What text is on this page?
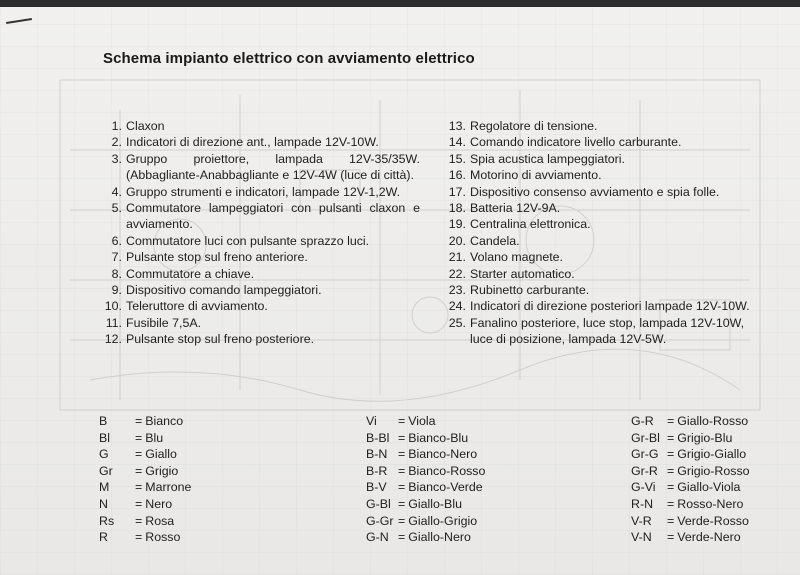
Schema impianto elettrico con avviamento elettrico
1. Claxon
2. Indicatori di direzione ant., lampade 12V-10W.
3. Gruppo proiettore, lampada 12V-35/35W. (Abbagliante-Anabbagliante e 12V-4W (luce di città).
4. Gruppo strumenti e indicatori, lampade 12V-1,2W.
5. Commutatore lampeggiatori con pulsanti claxon e avviamento.
6. Commutatore luci con pulsante sprazzo luci.
7. Pulsante stop sul freno anteriore.
8. Commutatore a chiave.
9. Dispositivo comando lampeggiatori.
10. Teleruttore di avviamento.
11. Fusibile 7,5A.
12. Pulsante stop sul freno posteriore.
13. Regolatore di tensione.
14. Comando indicatore livello carburante.
15. Spia acustica lampeggiatori.
16. Motorino di avviamento.
17. Dispositivo consenso avviamento e spia folle.
18. Batteria 12V-9A.
19. Centralina elettronica.
20. Candela.
21. Volano magnete.
22. Starter automatico.
23. Rubinetto carburante.
24. Indicatori di direzione posteriori lampade 12V-10W.
25. Fanalino posteriore, luce stop, lampada 12V-10W, luce di posizione, lampada 12V-5W.
B	= Bianco
Bl	= Blu
G	= Giallo
Gr	= Grigio
M	= Marrone
N	= Nero
Rs	= Rosa
R	= Rosso
Vi	= Viola
B-Bl = Bianco-Blu
B-N = Bianco-Nero
B-R = Bianco-Rosso
B-V = Bianco-Verde
G-Bl = Giallo-Blu
G-Gr = Giallo-Grigio
G-N = Giallo-Nero
G-R	= Giallo-Rosso
Gr-Bl = Grigio-Blu
Gr-G = Grigio-Giallo
Gr-R = Grigio-Rosso
G-Vi = Giallo-Viola
R-N	= Rosso-Nero
V-R	= Verde-Rosso
V-N	= Verde-Nero
